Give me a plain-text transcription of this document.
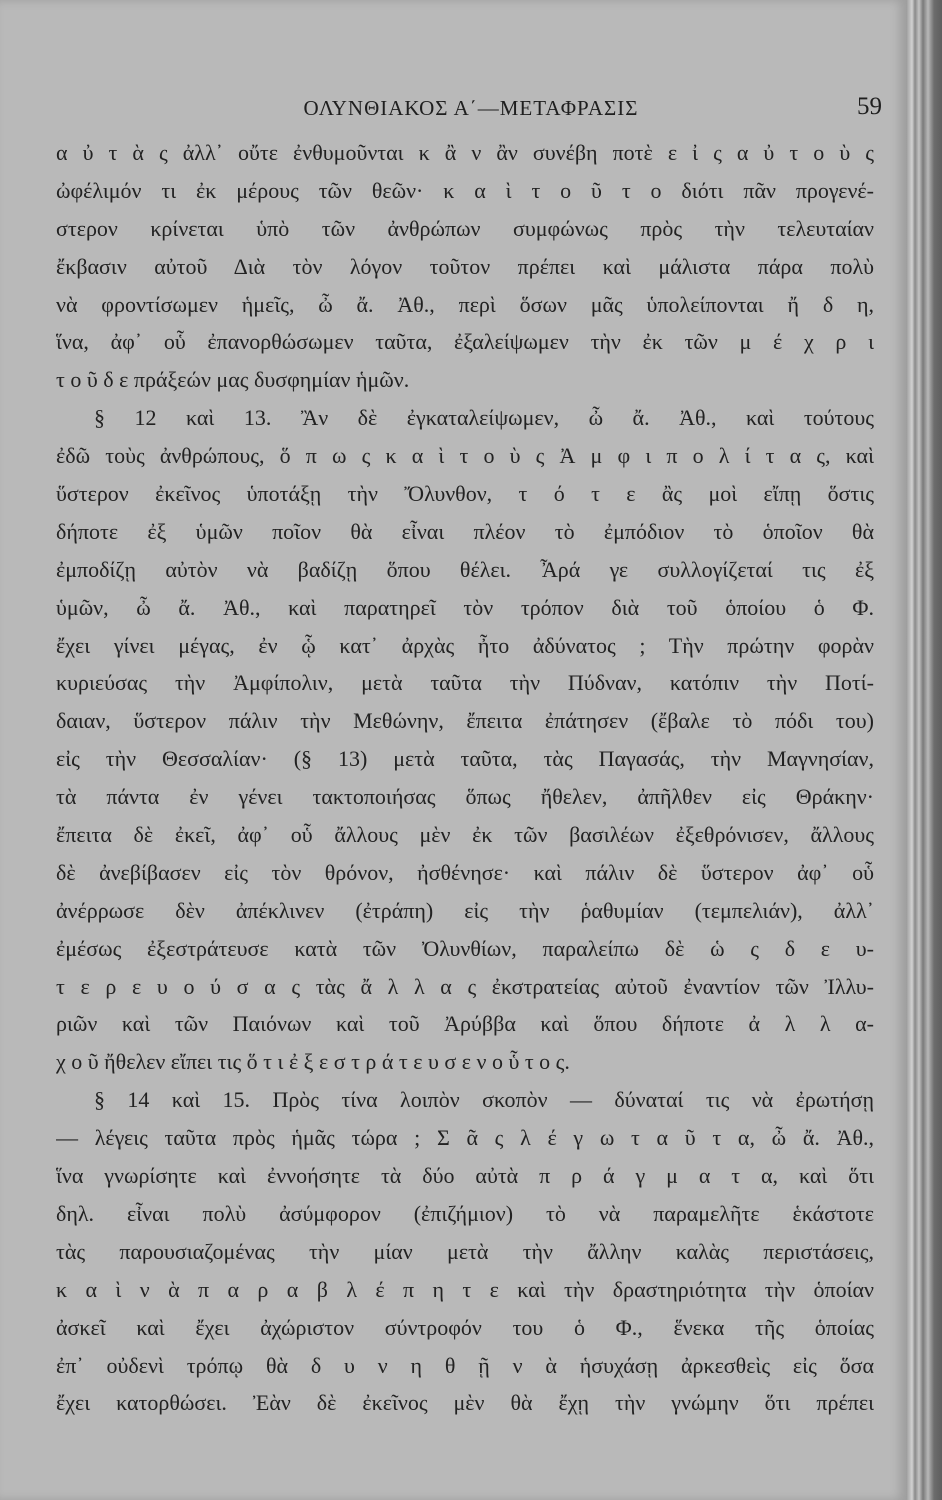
ΟΛΥΝΘΙΑΚΟΣ Α΄—ΜΕΤΑΦΡΑΣΙΣ	59
α ὐ τ ὰ ς ἀλλ᾽ οὔτε ἐνθυμοῦνται κ ἂ ν ἂν συνέβη ποτὲ ε ἰ ς α ὐ τ ο ὺ ς
ὠφέλιμόν τι ἐκ μέρους τῶν θεῶν· κ α ὶ τ ο ῦ τ ο διότι πᾶν προγενέ-
στερον κρίνεται ὑπὸ τῶν ἀνθρώπων συμφώνως πρὸς τὴν τελευταίαν
ἔκβασιν αὐτοῦ Διὰ τὸν λόγον τοῦτον πρέπει καὶ μάλιστα πάρα πολὺ
νὰ φροντίσωμεν ἡμεῖς, ὦ ἄ. Ἀθ., περὶ ὅσων μᾶς ὑπολείπονται ἤ δ η,
ἵνα, ἀφ᾽ οὗ ἐπανορθώσωμεν ταῦτα, ἐξαλείψωμεν τὴν ἐκ τῶν μ έ χ ρ ι
τ ο ῦ δ ε πράξεών μας δυσφημίαν ἡμῶν.
§ 12 καὶ 13. Ἂν δὲ ἐγκαταλείψωμεν, ὦ ἄ. Ἀθ., καὶ τούτους
ἐδῶ τοὺς ἀνθρώπους, ὅ π ω ς κ α ὶ τ ο ὺ ς Ἀ μ φ ι π ο λ ί τ α ς, καὶ
ὕστερον ἐκεῖνος ὑποτάξῃ τὴν Ὄλυνθον, τ ό τ ε ἂς μοὶ εἴπῃ ὅστις
δήποτε ἐξ ὑμῶν ποῖον θὰ εἶναι πλέον τὸ ἐμπόδιον τὸ ὁποῖον θὰ
ἐμποδίζῃ αὐτὸν νὰ βαδίζῃ ὅπου θέλει. Ἆρά γε συλλογίζεταί τις ἐξ
ὑμῶν, ὦ ἄ. Ἀθ., καὶ παρατηρεῖ τὸν τρόπον διὰ τοῦ ὁποίου ὁ Φ.
ἔχει γίνει μέγας, ἐν ᾧ κατ᾽ ἀρχὰς ἦτο ἀδύνατος ; Τὴν πρώτην φορὰν
κυριεύσας τὴν Ἀμφίπολιν, μετὰ ταῦτα τὴν Πύδναν, κατόπιν τὴν Ποτί-
δαιαν, ὕστερον πάλιν τὴν Μεθώνην, ἔπειτα ἐπάτησεν (ἔβαλε τὸ πόδι του)
εἰς τὴν Θεσσαλίαν· (§ 13) μετὰ ταῦτα, τὰς Παγασάς, τὴν Μαγνησίαν,
τὰ πάντα ἐν γένει τακτοποιήσας ὅπως ἤθελεν, ἀπῆλθεν εἰς Θράκην·
ἔπειτα δὲ ἐκεῖ, ἀφ᾽ οὗ ἄλλους μὲν ἐκ τῶν βασιλέων ἐξεθρόνισεν, ἄλλους
δὲ ἀνεβίβασεν εἰς τὸν θρόνον, ἠσθένησε· καὶ πάλιν δὲ ὕστερον ἀφ᾽ οὗ
ἀνέρρωσε δὲν ἀπέκλινεν (ἐτράπη) εἰς τὴν ῥαθυμίαν (τεμπελιάν), ἀλλ᾽
ἐμέσως ἐξεστράτευσε κατὰ τῶν Ὀλυνθίων, παραλείπω δὲ ὡ ς δ ε υ-
τ ε ρ ε υ ο ύ σ α ς τὰς ἄ λ λ α ς ἐκστρατείας αὐτοῦ ἐναντίον τῶν Ἰλλυ-
ριῶν καὶ τῶν Παιόνων καὶ τοῦ Ἀρύββα καὶ ὅπου δήποτε ἀ λ λ α-
χ ο ῦ ἤθελεν εἴπει τις ὅ τ ι ἐ ξ ε σ τ ρ ά τ ε υ σ ε ν ο ὗ τ ο ς.
§ 14 καὶ 15. Πρὸς τίνα λοιπὸν σκοπὸν — δύναταί τις νὰ ἐρωτήσῃ
— λέγεις ταῦτα πρὸς ἡμᾶς τώρα ; Σ ᾶ ς λ έ γ ω τ α ῦ τ α, ὦ ἄ. Ἀθ.,
ἵνα γνωρίσητε καὶ ἐννοήσητε τὰ δύο αὐτὰ π ρ ά γ μ α τ α, καὶ ὅτι
δηλ. εἶναι πολὺ ἀσύμφορον (ἐπιζήμιον) τὸ νὰ παραμελῆτε ἑκάστοτε
τὰς παρουσιαζομένας τὴν μίαν μετὰ τὴν ἄλλην καλὰς περιστάσεις,
κ α ὶ ν ὰ π α ρ α β λ έ π η τ ε καὶ τὴν δραστηριότητα τὴν ὁποίαν
ἀσκεῖ καὶ ἔχει ἀχώριστον σύντροφόν του ὁ Φ., ἕνεκα τῆς ὁποίας
ἐπ᾽ οὐδενὶ τρόπῳ θὰ δ υ ν η θ ῇ ν ὰ ἡσυχάσῃ ἀρκεσθεὶς εἰς ὅσα
ἔχει κατορθώσει. Ἐὰν δὲ ἐκεῖνος μὲν θὰ ἔχῃ τὴν γνώμην ὅτι πρέπει
